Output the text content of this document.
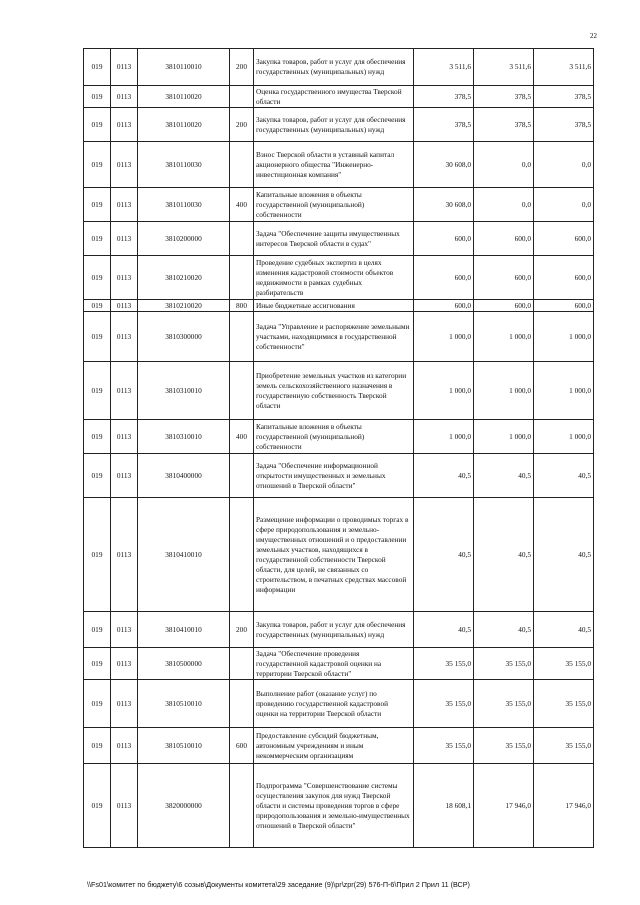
22
019	0113	3810110010	200	Закупка товаров, работ и услуг для обеспечения государственных (муниципальных) нужд	3 511,6	3 511,6	3 511,6
019	0113	3810110020		Оценка государственного имущества Тверской области	378,5	378,5	378,5
019	0113	3810110020	200	Закупка товаров, работ и услуг для обеспечения государственных (муниципальных) нужд	378,5	378,5	378,5
019	0113	3810110030		Взнос Тверской области в уставный капитал акционерного общества "Инженерно-инвестиционная компания"	30 608,0	0,0	0,0
019	0113	3810110030	400	Капитальные вложения в объекты государственной (муниципальной) собственности	30 608,0	0,0	0,0
019	0113	3810200000		Задача "Обеспечение защиты имущественных интересов Тверской области в судах"	600,0	600,0	600,0
019	0113	3810210020		Проведение судебных экспертиз в целях изменения кадастровой стоимости объектов недвижимости в рамках судебных разбирательств	600,0	600,0	600,0
019	0113	3810210020	800	Иные бюджетные ассигнования	600,0	600,0	600,0
019	0113	3810300000		Задача "Управление и распоряжение земельными участками, находящимися в государственной собственности"	1 000,0	1 000,0	1 000,0
019	0113	3810310010		Приобретение земельных участков из категории земель сельскохозяйственного назначения в государственную собственность Тверской области	1 000,0	1 000,0	1 000,0
019	0113	3810310010	400	Капитальные вложения в объекты государственной (муниципальной) собственности	1 000,0	1 000,0	1 000,0
019	0113	3810400000		Задача "Обеспечение информационной открытости имущественных и земельных отношений в Тверской области"	40,5	40,5	40,5
019	0113	3810410010		Размещение информации о проводимых торгах в сфере природопользования и земельно-имущественных отношений и о предоставлении земельных участков, находящихся в государственной собственности Тверской области, для целей, не связанных со строительством, в печатных средствах массовой информации	40,5	40,5	40,5
019	0113	3810410010	200	Закупка товаров, работ и услуг для обеспечения государственных (муниципальных) нужд	40,5	40,5	40,5
019	0113	3810500000		Задача "Обеспечение проведения государственной кадастровой оценки на территории Тверской области"	35 155,0	35 155,0	35 155,0
019	0113	3810510010		Выполнение работ (оказание услуг) по проведению государственной кадастровой оценки на территории Тверской области	35 155,0	35 155,0	35 155,0
019	0113	3810510010	600	Предоставление субсидий бюджетным, автономным учреждениям и иным некоммерческим организациям	35 155,0	35 155,0	35 155,0
019	0113	3820000000		Подпрограмма "Совершенствование системы осуществления закупок для нужд Тверской области и системы проведения торгов в сфере природопользования и земельно-имущественных отношений в Тверской области"	18 608,1	17 946,0	17 946,0
\\Fs01\комитет по бюджету\6 созыв\Документы комитета\29 заседание (9)\pr\zpr(29) 576-П-6\Прил 2 Прил 11 (ВСР)
